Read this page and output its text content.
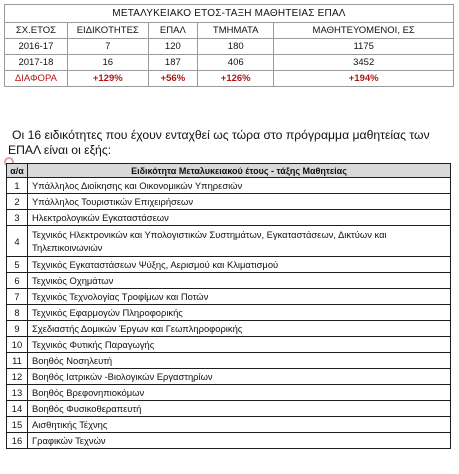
ΜΕΤΑΛΥΚΕΙΑΚΟ ΕΤΟΣ-ΤΑΞΗ ΜΑΘΗΤΕΙΑΣ ΕΠΑΛ				
ΣΧ.ΕΤΟΣ	ΕΙΔΙΚΟΤΗΤΕΣ	ΕΠΑΛ	ΤΜΗΜΑΤΑ	ΜΑΘΗΤΕΥΟΜΕΝΟΙ, ΕΣ
2016-17	7	120	180	1175
2017-18	16	187	406	3452
ΔΙΑΦΟΡΑ	+129%	+56%	+126%	+194%
Οι 16 ειδικότητες που έχουν ενταχθεί ως τώρα στο πρόγραμμα μαθητείας των ΕΠΑΛ είναι οι εξής:
α/α	Ειδικότητα Μεταλυκειακού έτους - τάξης Μαθητείας
1	Υπάλληλος Διοίκησης και Οικονομικών Υπηρεσιών
2	Υπάλληλος Τουριστικών Επιχειρήσεων
3	Ηλεκτρολογικών Εγκαταστάσεων
4	Τεχνικός Ηλεκτρονικών και Υπολογιστικών Συστημάτων, Εγκαταστάσεων, Δικτύων και Τηλεπικοινωνιών
5	Τεχνικός Εγκαταστάσεων Ψύξης, Αερισμού και Κλιματισμού
6	Τεχνικός Οχημάτων
7	Τεχνικός Τεχνολογίας Τροφίμων και Ποτών
8	Τεχνικός Εφαρμογών Πληροφορικής
9	Σχεδιαστής Δομικών Έργων και Γεωπληροφορικής
10	Τεχνικός Φυτικής Παραγωγής
11	Βοηθός Νοσηλευτή
12	Βοηθός Ιατρικών -Βιολογικών Εργαστηρίων
13	Βοηθός Βρεφονηπιοκόμων
14	Βοηθός Φυσικοθεραπευτή
15	Αισθητικής Τέχνης
16	Γραφικών Τεχνών
